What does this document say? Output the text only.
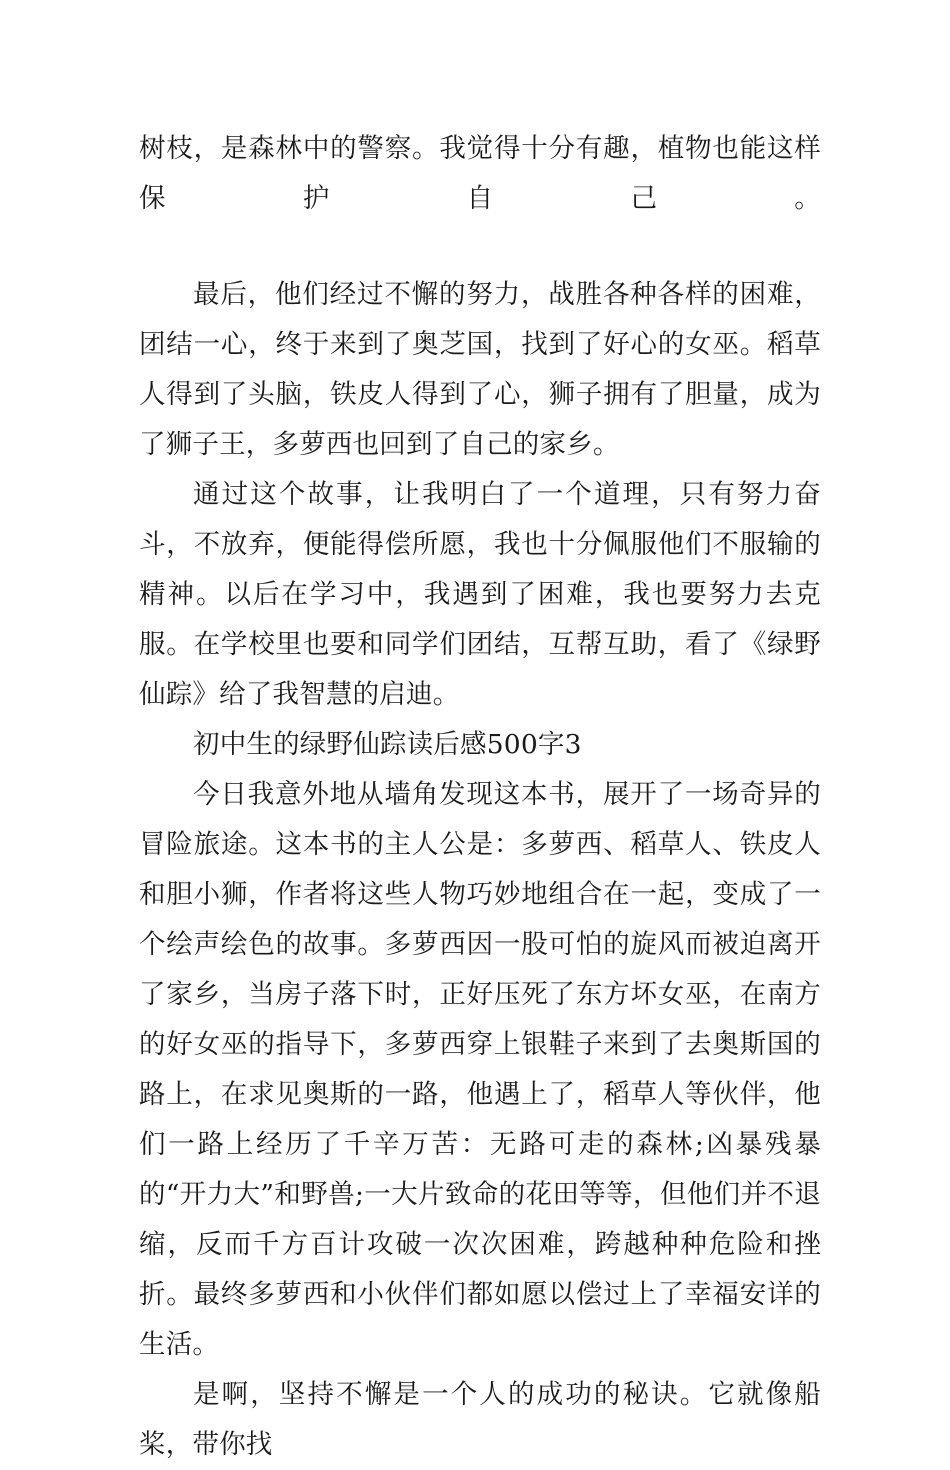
树枝，是森林中的警察。我觉得十分有趣，植物也能这样保护自己。

最后，他们经过不懈的努力，战胜各种各样的困难，团结一心，终于来到了奥芝国，找到了好心的女巫。稻草人得到了头脑，铁皮人得到了心，狮子拥有了胆量，成为了狮子王，多萝西也回到了自己的家乡。

通过这个故事，让我明白了一个道理，只有努力奋斗，不放弃，便能得偿所愿，我也十分佩服他们不服输的精神。以后在学习中，我遇到了困难，我也要努力去克服。在学校里也要和同学们团结，互帮互助，看了《绿野仙踪》给了我智慧的启迪。

初中生的绿野仙踪读后感500字3

今日我意外地从墙角发现这本书，展开了一场奇异的冒险旅途。这本书的主人公是：多萝西、稻草人、铁皮人和胆小狮，作者将这些人物巧妙地组合在一起，变成了一个绘声绘色的故事。多萝西因一股可怕的旋风而被迫离开了家乡，当房子落下时，正好压死了东方坏女巫，在南方的好女巫的指导下，多萝西穿上银鞋子来到了去奥斯国的路上，在求见奥斯的一路，他遇上了，稻草人等伙伴，他们一路上经历了千辛万苦：无路可走的森林;凶暴残暴的“开力大”和野兽;一大片致命的花田等等，但他们并不退缩，反而千方百计攻破一次次困难，跨越种种危险和挫折。最终多萝西和小伙伴们都如愿以偿过上了幸福安详的生活。

是啊，坚持不懈是一个人的成功的秘诀。它就像船桨，带你找
